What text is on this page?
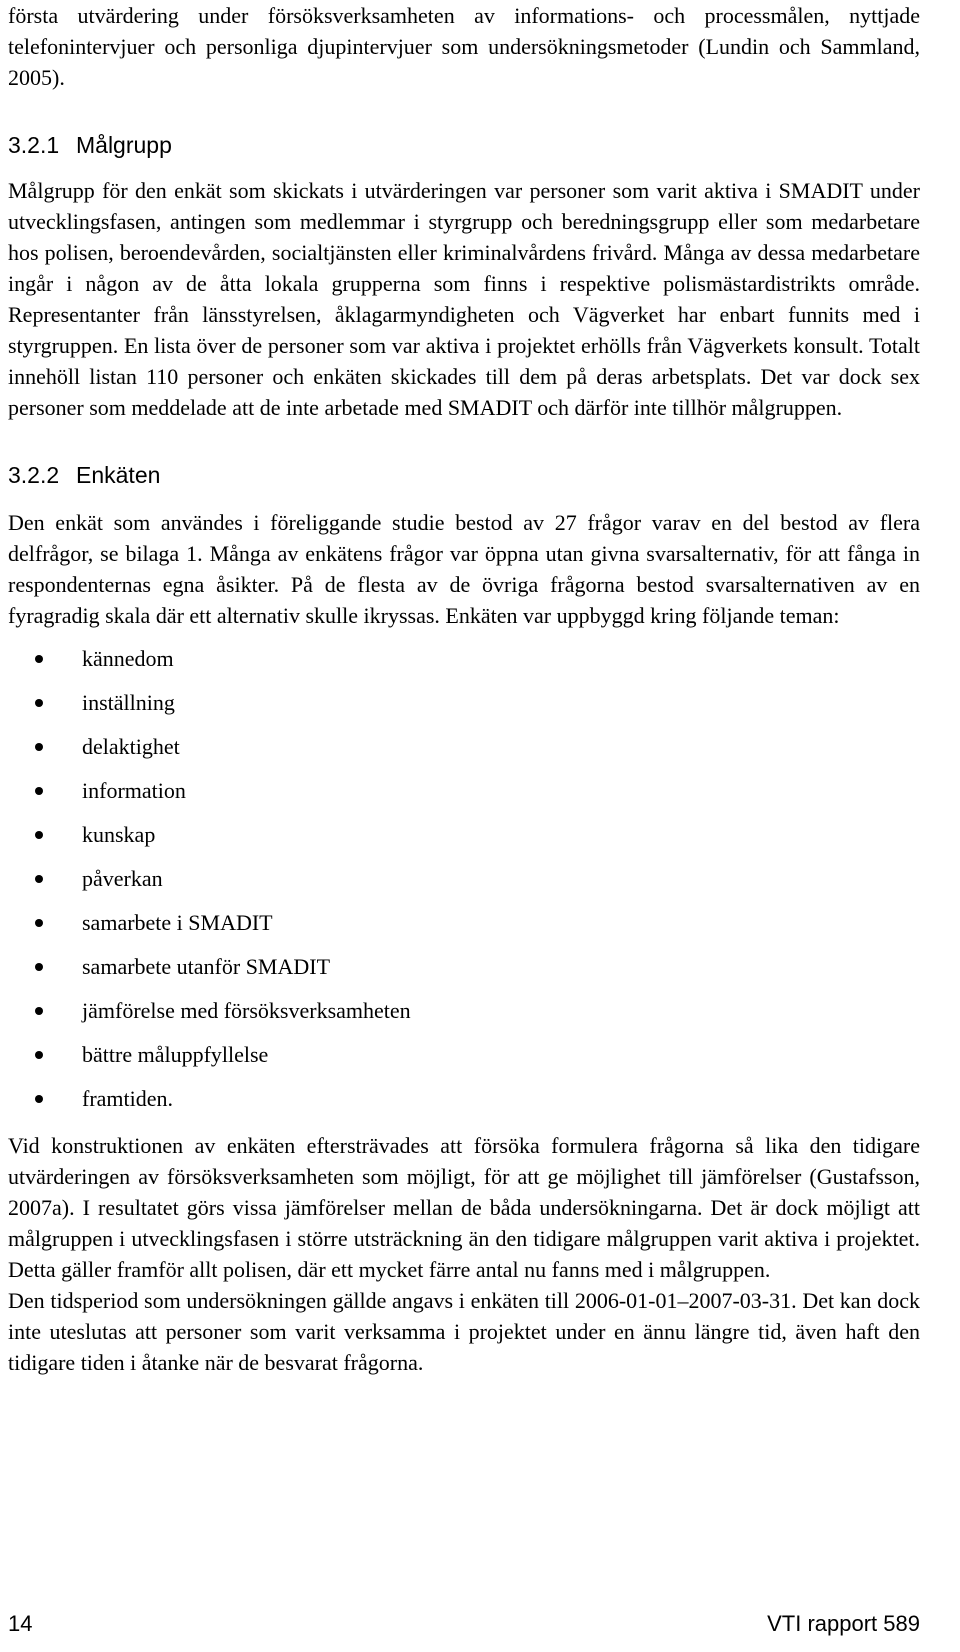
första utvärdering under försöksverksamheten av informations- och processmålen, nyttjade telefonintervjuer och personliga djupintervjuer som undersökningsmetoder (Lundin och Sammland, 2005).

3.2.1 Målgrupp

Målgrupp för den enkät som skickats i utvärderingen var personer som varit aktiva i SMADIT under utvecklingsfasen, antingen som medlemmar i styrgrupp och beredningsgrupp eller som medarbetare hos polisen, beroendevården, socialtjänsten eller kriminalvårdens frivård. Många av dessa medarbetare ingår i någon av de åtta lokala grupperna som finns i respektive polismästardistrikts område. Representanter från länsstyrelsen, åklagarmyndigheten och Vägverket har enbart funnits med i styrgruppen. En lista över de personer som var aktiva i projektet erhölls från Vägverkets konsult. Totalt innehöll listan 110 personer och enkäten skickades till dem på deras arbetsplats. Det var dock sex personer som meddelade att de inte arbetade med SMADIT och därför inte tillhör målgruppen.

3.2.2 Enkäten

Den enkät som användes i föreliggande studie bestod av 27 frågor varav en del bestod av flera delfrågor, se bilaga 1. Många av enkätens frågor var öppna utan givna svarsalternativ, för att fånga in respondenternas egna åsikter. På de flesta av de övriga frågorna bestod svarsalternativen av en fyragradig skala där ett alternativ skulle ikryssas. Enkäten var uppbyggd kring följande teman:

kännedom
inställning
delaktighet
information
kunskap
påverkan
samarbete i SMADIT
samarbete utanför SMADIT
jämförelse med försöksverksamheten
bättre måluppfyllelse
framtiden.

Vid konstruktionen av enkäten eftersträvades att försöka formulera frågorna så lika den tidigare utvärderingen av försöksverksamheten som möjligt, för att ge möjlighet till jämförelser (Gustafsson, 2007a). I resultatet görs vissa jämförelser mellan de båda undersökningarna. Det är dock möjligt att målgruppen i utvecklingsfasen i större utsträckning än den tidigare målgruppen varit aktiva i projektet. Detta gäller framför allt polisen, där ett mycket färre antal nu fanns med i målgruppen.

Den tidsperiod som undersökningen gällde angavs i enkäten till 2006-01-01–2007-03-31. Det kan dock inte uteslutas att personer som varit verksamma i projektet under en ännu längre tid, även haft den tidigare tiden i åtanke när de besvarat frågorna.

14	VTI rapport 589
